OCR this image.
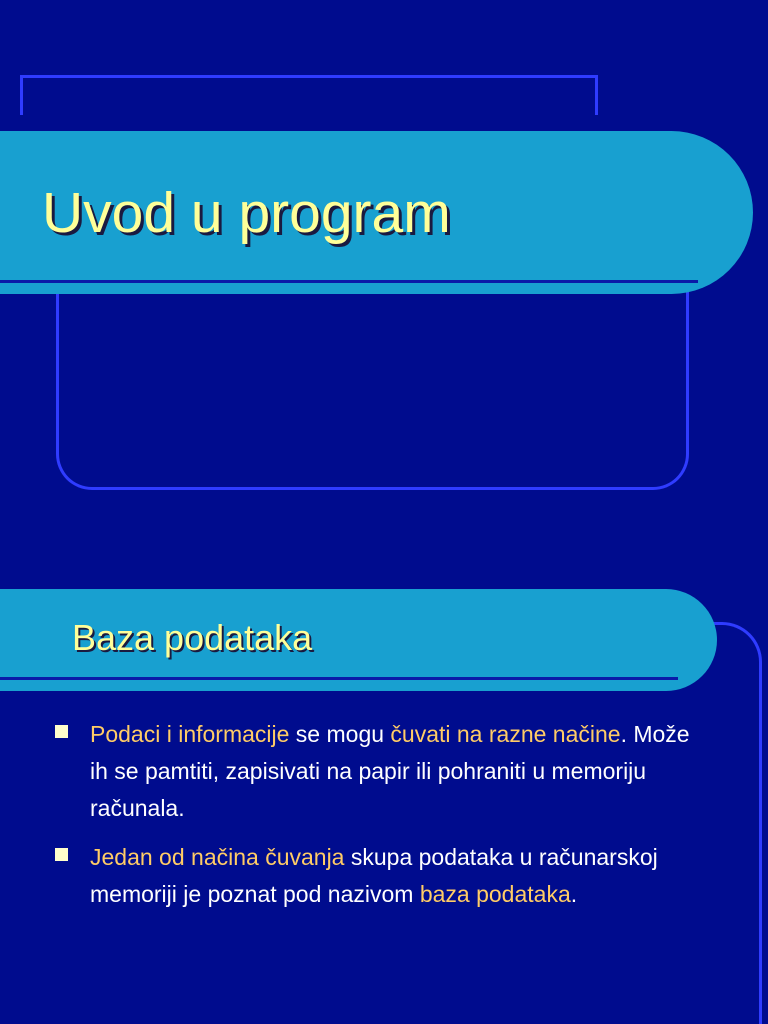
Uvod u program
Baza podataka
Podaci i informacije se mogu čuvati na razne načine. Može ih se pamtiti, zapisivati na papir ili pohraniti u memoriju računala.
Jedan od načina čuvanja skupa podataka u računarskoj memoriji je poznat pod nazivom baza podataka.
